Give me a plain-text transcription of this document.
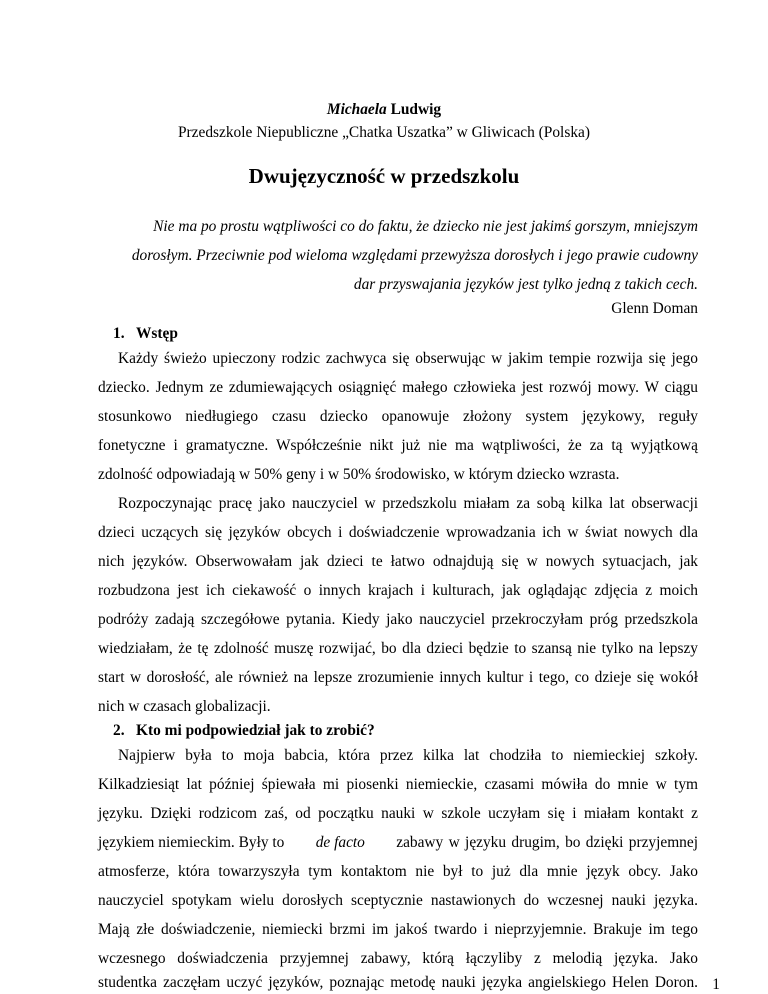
Michaela Ludwig
Przedszkole Niepubliczne „Chatka Uszatka” w Gliwicach (Polska)
Dwujęzyczność w przedszkolu
Nie ma po prostu wątpliwości co do faktu, że dziecko nie jest jakimś gorszym, mniejszym
dorosłym. Przeciwnie pod wieloma względami przewyższa dorosłych i jego prawie cudowny
dar przyswajania języków jest tylko jedną z takich cech.
Glenn Doman
1. Wstęp
Każdy świeżo upieczony rodzic zachwyca się obserwując w jakim tempie rozwija się jego
dziecko. Jednym ze zdumiewających osiągnięć małego człowieka jest rozwój mowy. W ciągu
stosunkowo niedługiego czasu dziecko opanowuje złożony system językowy, reguły
fonetyczne i gramatyczne. Współcześnie nikt już nie ma wątpliwości, że za tą wyjątkową
zdolność odpowiadają w 50% geny i w 50% środowisko, w którym dziecko wzrasta.
Rozpoczynając pracę jako nauczyciel w przedszkolu miałam za sobą kilka lat obserwacji
dzieci uczących się języków obcych i doświadczenie wprowadzania ich w świat nowych dla
nich języków. Obserwowałam jak dzieci te łatwo odnajdują się w nowych sytuacjach, jak
rozbudzona jest ich ciekawość o innych krajach i kulturach, jak oglądając zdjęcia z moich
podróży zadają szczegółowe pytania. Kiedy jako nauczyciel przekroczyłam próg przedszkola
wiedziałam, że tę zdolność muszę rozwijać, bo dla dzieci będzie to szansą nie tylko na lepszy
start w dorosłość, ale również na lepsze zrozumienie innych kultur i tego, co dzieje się wokół
nich w czasach globalizacji.
2. Kto mi podpowiedział jak to zrobić?
Najpierw była to moja babcia, która przez kilka lat chodziła to niemieckiej szkoły.
Kilkadziesiąt lat później śpiewała mi piosenki niemieckie, czasami mówiła do mnie w tym
języku. Dzięki rodzicom zaś, od początku nauki w szkole uczyłam się i miałam kontakt z
językiem niemieckim. Były to de facto zabawy w języku drugim, bo dzięki przyjemnej
atmosferze, która towarzyszyła tym kontaktom nie był to już dla mnie język obcy. Jako
nauczyciel spotykam wielu dorosłych sceptycznie nastawionych do wczesnej nauki języka.
Mają złe doświadczenie, niemiecki brzmi im jakoś twardo i nieprzyjemnie. Brakuje im tego
wczesnego doświadczenia przyjemnej zabawy, którą łączyliby z melodią języka. Jako
studentka zaczęłam uczyć języków, poznając metodę nauki języka angielskiego Helen Doron. 1
